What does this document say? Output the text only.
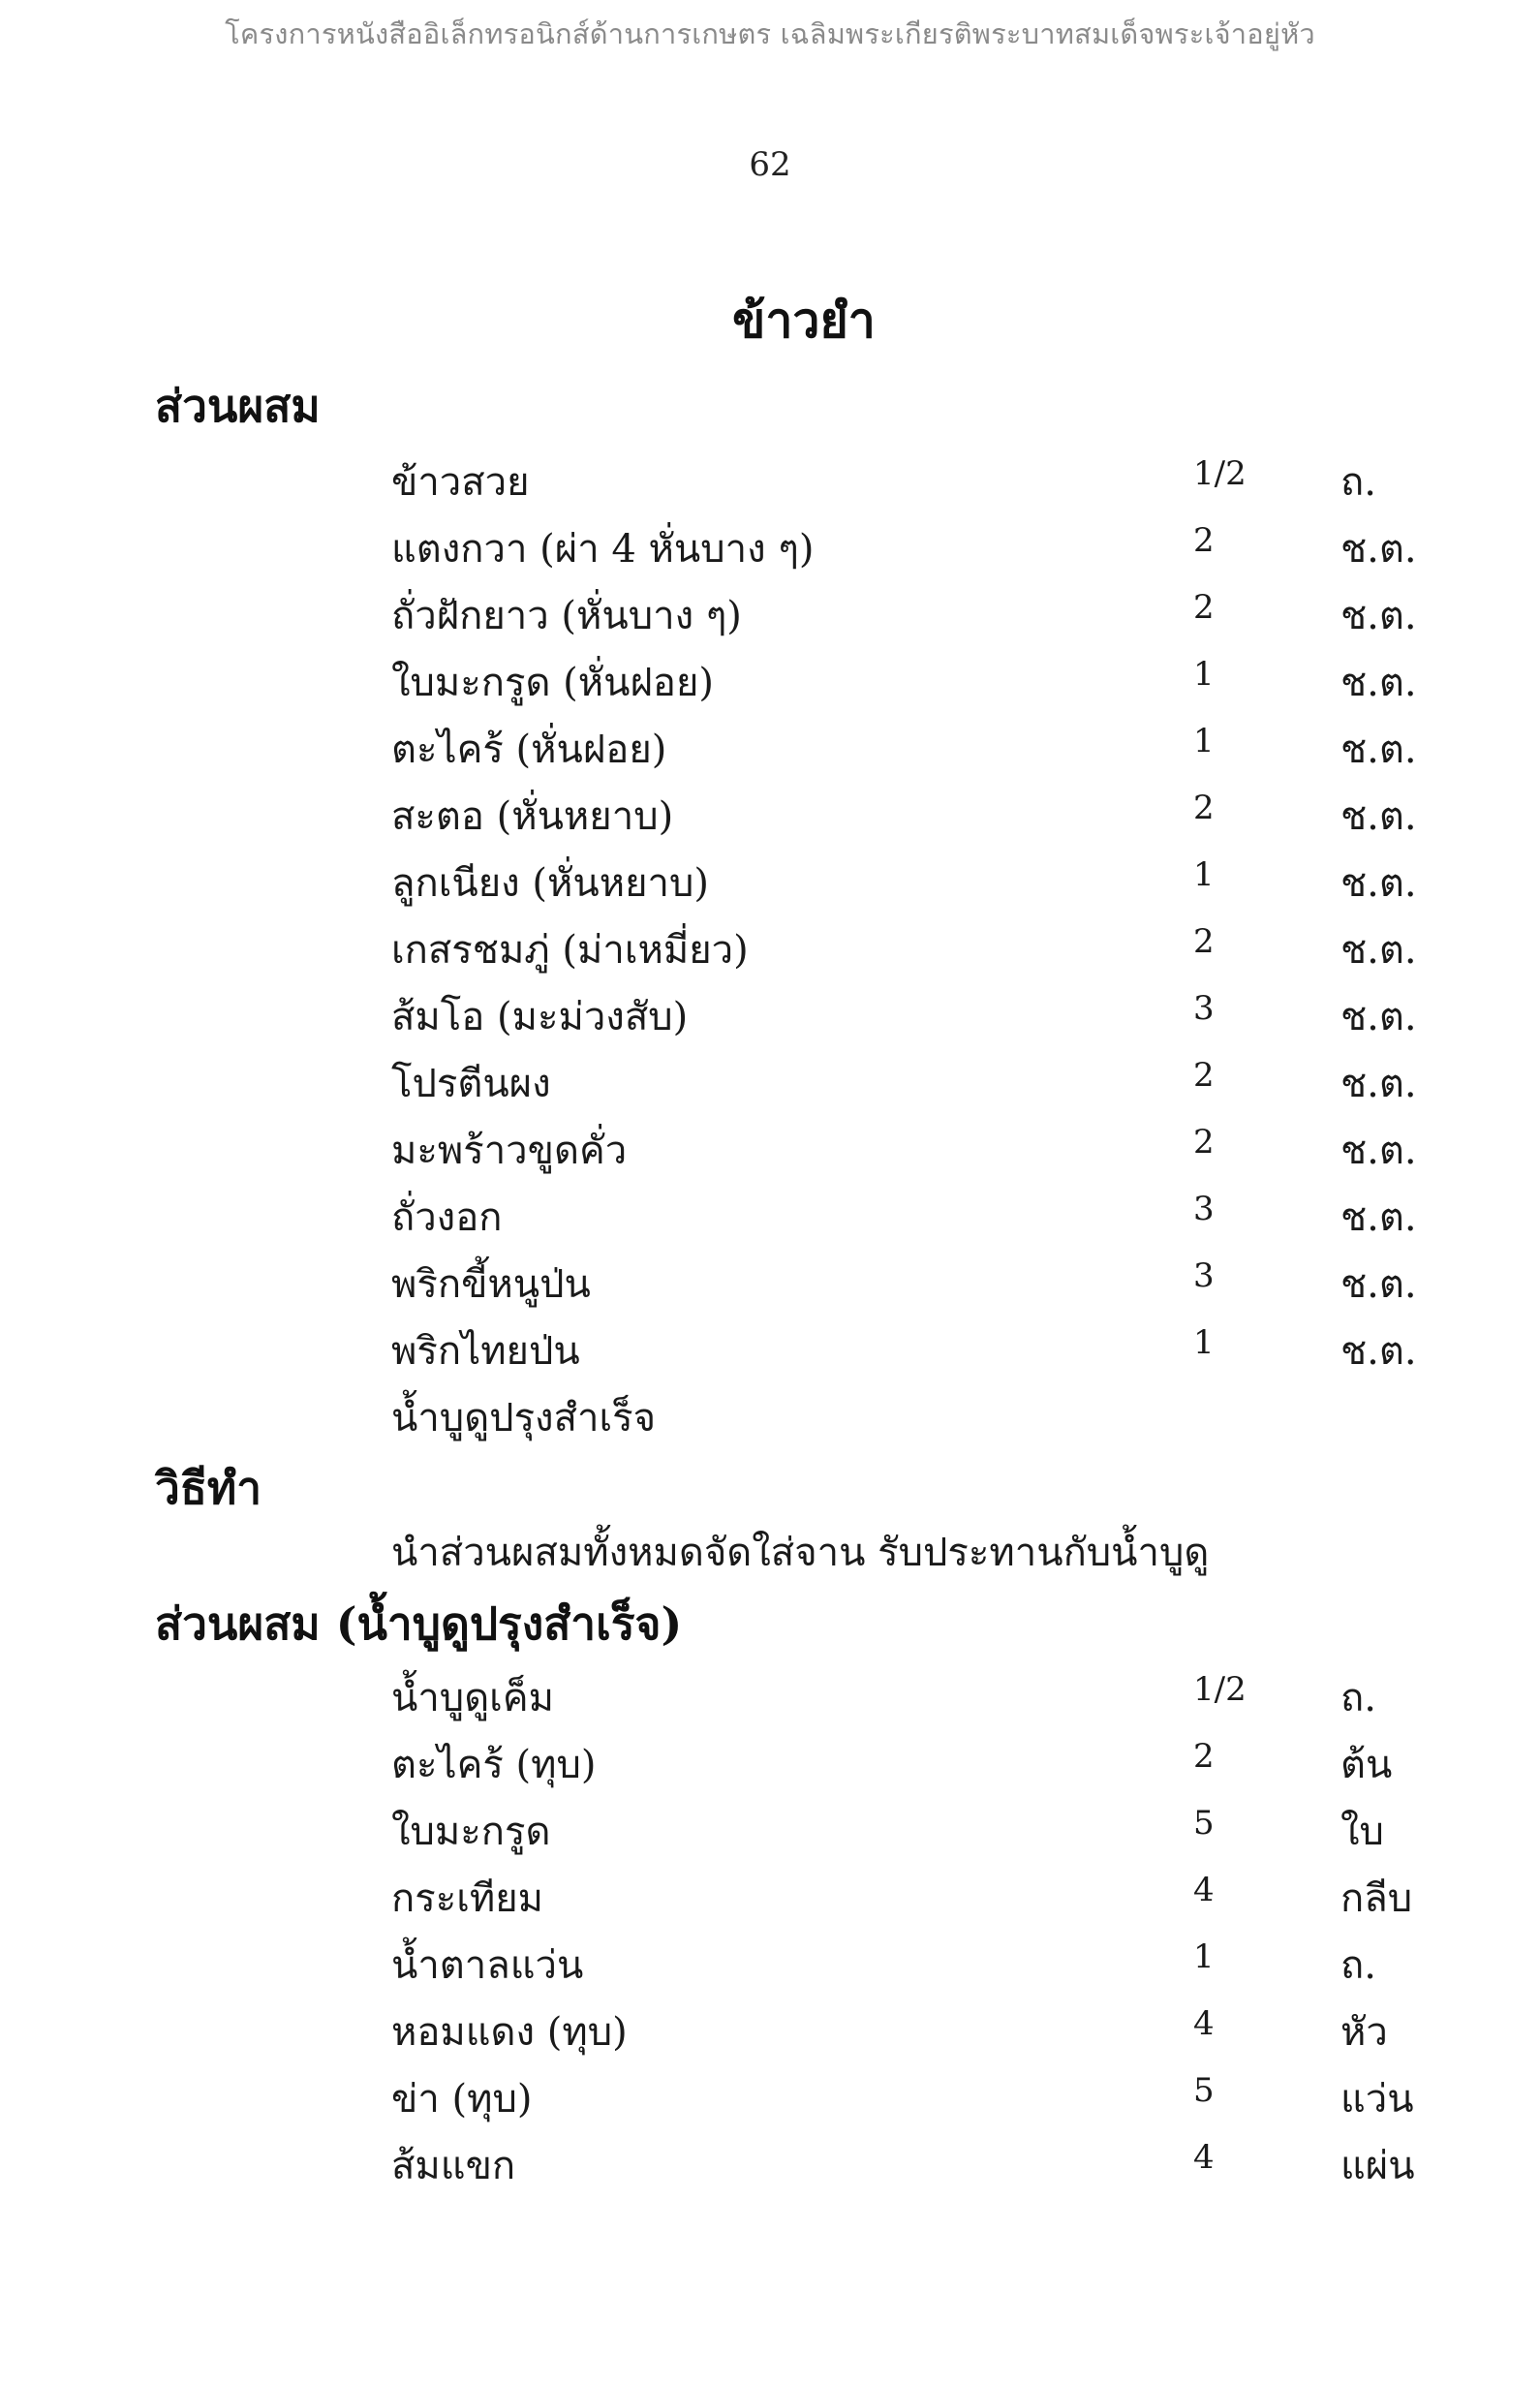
โครงการหนังสืออิเล็กทรอนิกส์ด้านการเกษตร เฉลิมพระเกียรติพระบาทสมเด็จพระเจ้าอยู่หัว
62
ข้าวยำ
ส่วนผสม
ข้าวสวย	1/2	ถ.
แตงกวา (ผ่า 4 หั่นบาง ๆ)	2	ช.ต.
ถั่วฝักยาว (หั่นบาง ๆ)	2	ช.ต.
ใบมะกรูด (หั่นฝอย)	1	ช.ต.
ตะไคร้ (หั่นฝอย)	1	ช.ต.
สะตอ (หั่นหยาบ)	2	ช.ต.
ลูกเนียง (หั่นหยาบ)	1	ช.ต.
เกสรชมภู่ (ม่าเหมี่ยว)	2	ช.ต.
ส้มโอ (มะม่วงสับ)	3	ช.ต.
โปรตีนผง	2	ช.ต.
มะพร้าวขูดคั่ว	2	ช.ต.
ถั่วงอก	3	ช.ต.
พริกขี้หนูป่น	3	ช.ต.
พริกไทยป่น	1	ช.ต.
น้ำบูดูปรุงสำเร็จ
วิธีทำ
นำส่วนผสมทั้งหมดจัดใส่จาน รับประทานกับน้ำบูดู
ส่วนผสม (น้ำบูดูปรุงสำเร็จ)
น้ำบูดูเค็ม	1/2	ถ.
ตะไคร้ (ทุบ)	2	ต้น
ใบมะกรูด	5	ใบ
กระเทียม	4	กลีบ
น้ำตาลแว่น	1	ถ.
หอมแดง (ทุบ)	4	หัว
ข่า (ทุบ)	5	แว่น
ส้มแขก	4	แผ่น
